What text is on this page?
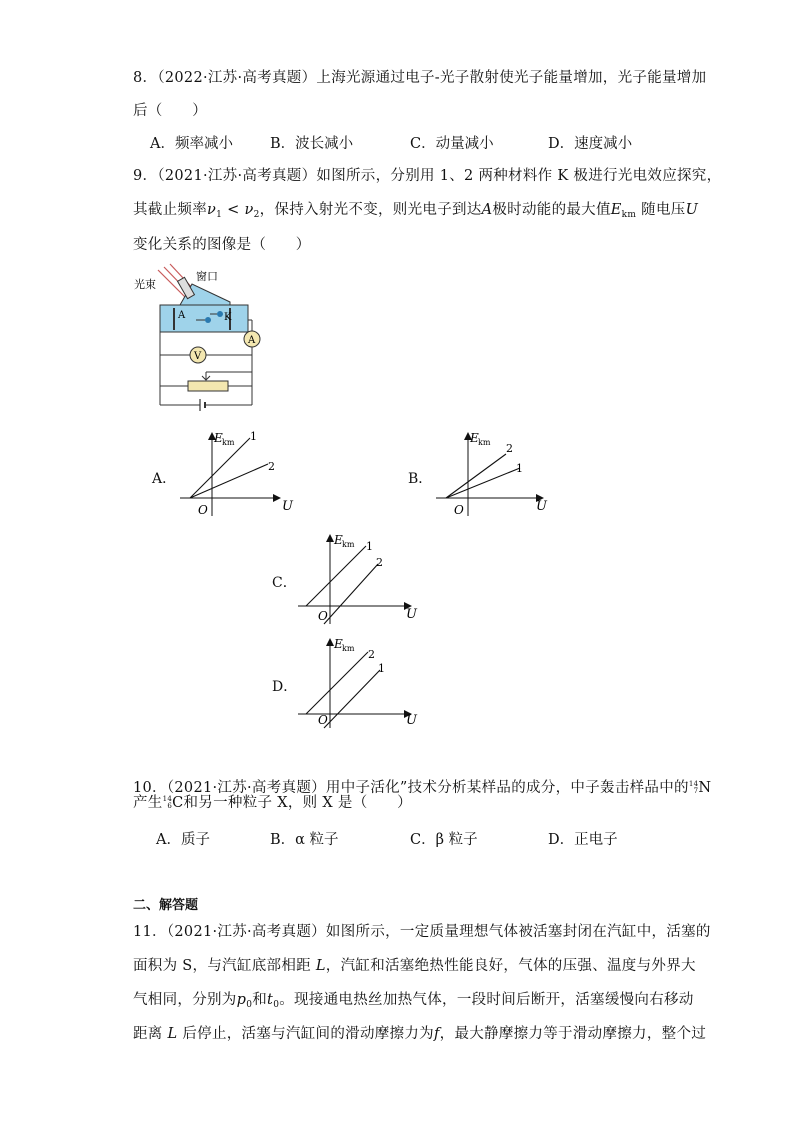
8．（2022·江苏·高考真题）上海光源通过电子-光子散射使光子能量增加，光子能量增加
后（　　）
A．频率减小	B．波长减小	C．动量减小	D．速度减小
9．（2021·江苏·高考真题）如图所示，分别用 1、2 两种材料作 K 极进行光电效应探究，
其截止频率$\nu_1 < \nu_2$，保持入射光不变，则光电子到达A极时动能的最大值$E_{km}$ 随电压U
变化关系的图像是（　　）
光束
窗口
A	K
A
V
A．
E km
U
O
1
2
B．
E km
U
O
2
1
C．
E km
U
O
1
2
D．
E km
U
O
2
1
10．（2021·江苏·高考真题）用中子活化”技术分析某样品的成分，中子轰击样品中的14
7N
产生14
6C和另一种粒子 X，则 X 是（　　）
A．质子	B．α 粒子	C．β 粒子	D．正电子
二、解答题
11．（2021·江苏·高考真题）如图所示，一定质量理想气体被活塞封闭在汽缸中，活塞的
面积为 S，与汽缸底部相距 L，汽缸和活塞绝热性能良好，气体的压强、温度与外界大
气相同，分别为$p_0$和$t_0$。现接通电热丝加热气体，一段时间后断开，活塞缓慢向右移动
距离 L 后停止，活塞与汽缸间的滑动摩擦力为f，最大静摩擦力等于滑动摩擦力，整个过
